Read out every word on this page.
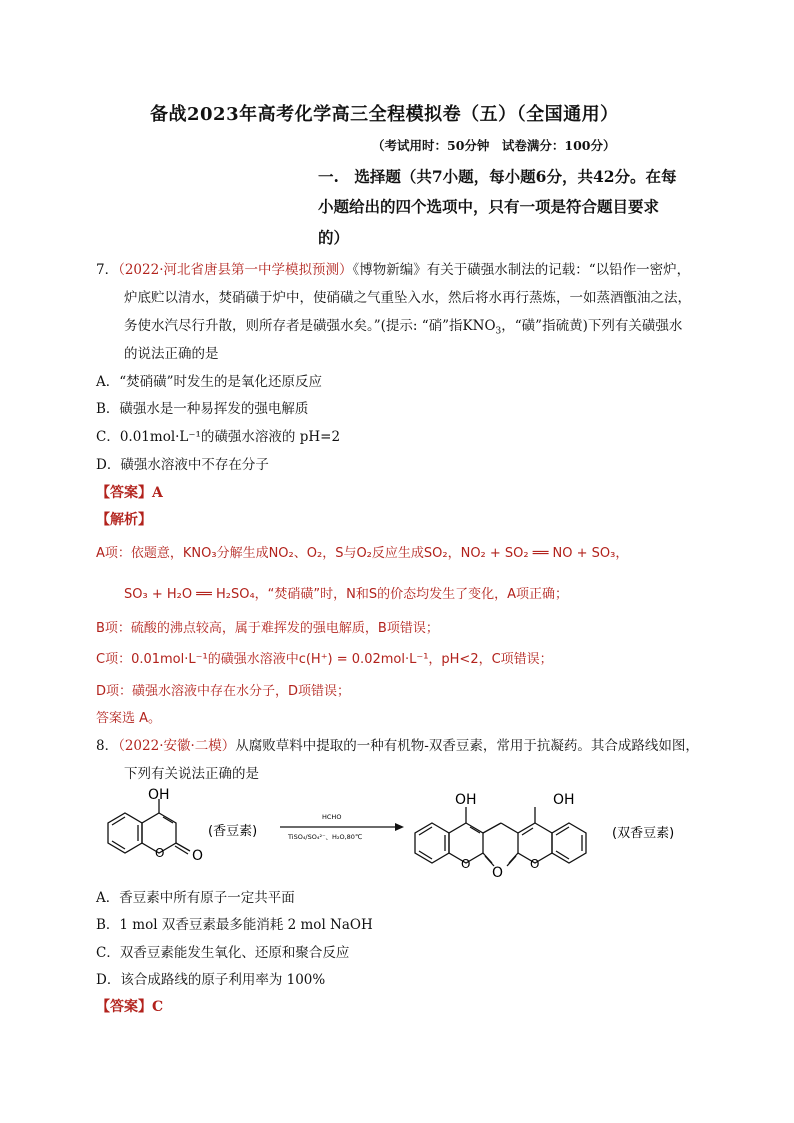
备战2023年高考化学高三全程模拟卷（五）（全国通用）
（考试用时：50分钟　试卷满分：100分）
一.　选择题（共7小题，每小题6分，共42分。在每
小题给出的四个选项中，只有一项是符合题目要求
的）
7．（2022·河北省唐县第一中学模拟预测）《博物新编》有关于磺强水制法的记载：“以铅作一密炉，
炉底贮以清水，焚硝磺于炉中，使硝磺之气重坠入水，然后将水再行蒸炼，一如蒸酒甑油之法，
务使水汽尽行升散，则所存者是磺强水矣。”(提示: “硝”指$KNO_3$，“磺”指硫黄)下列有关磺强水
的说法正确的是
A．“焚硝磺”时发生的是氧化还原反应
B．磺强水是一种易挥发的强电解质
C．0.01mol·L⁻¹的磺强水溶液的 pH=2
D．磺强水溶液中不存在分子
【答案】A
【解析】
A项：依题意，KNO₃分解生成NO₂、O₂，S与O₂反应生成SO₂，NO₂ + SO₂ ══ NO + SO₃，
SO₃ + H₂O ══ H₂SO₄，“焚硝磺”时，N和S的价态均发生了变化，A项正确；
B项：硫酸的沸点较高，属于难挥发的强电解质，B项错误；
C项：0.01mol·L⁻¹的磺强水溶液中c(H⁺) = 0.02mol·L⁻¹，pH<2，C项错误；
D项：磺强水溶液中存在水分子，D项错误；
答案选 A。
8．（2022·安徽·二模）从腐败草料中提取的一种有机物-双香豆素，常用于抗凝药。其合成路线如图，
下列有关说法正确的是
OH
O O
(香豆素)
HCHO
TiSO₄/SO₄²⁻、H₂O,80℃
OH	OH
O	O
O
(双香豆素)
A．香豆素中所有原子一定共平面
B．1 mol 双香豆素最多能消耗 2 mol NaOH
C．双香豆素能发生氧化、还原和聚合反应
D．该合成路线的原子利用率为 100%
【答案】C
